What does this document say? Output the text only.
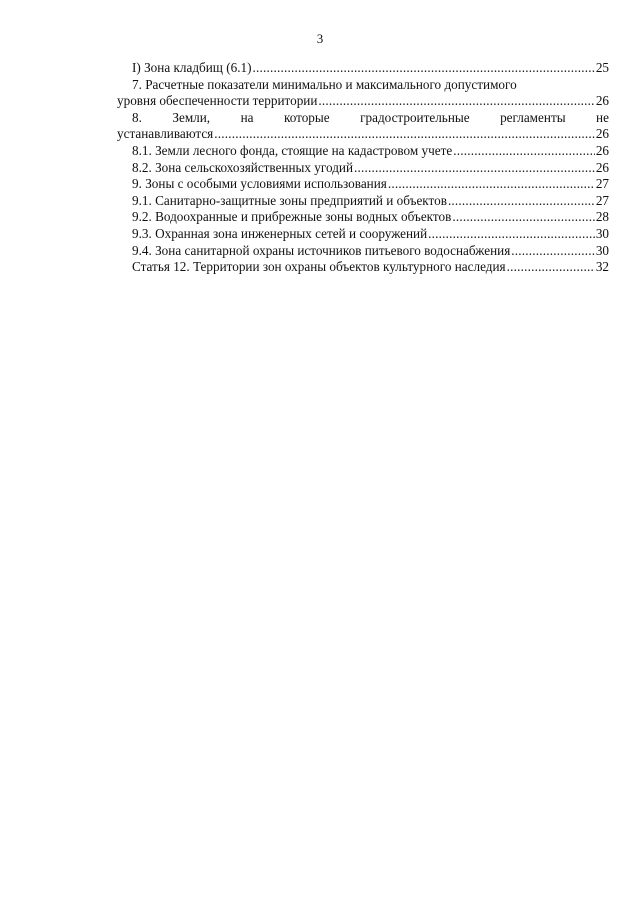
3
І) Зона кладбищ (6.1) .....	25
7. Расчетные показатели минимально и максимального допустимого
уровня обеспеченности территории .....	26
8. Земли, на которые градостроительные регламенты не
устанавливаются .....	26
8.1. Земли лесного фонда, стоящие на кадастровом учете .....	26
8.2. Зона сельскохозяйственных угодий .....	26
9. Зоны с особыми условиями использования .....	27
9.1. Санитарно-защитные зоны предприятий и объектов .....	27
9.2. Водоохранные и прибрежные зоны водных объектов .....	28
9.3. Охранная зона инженерных сетей и сооружений .....	30
9.4. Зона санитарной охраны источников питьевого водоснабжения .....	30
Статья 12. Территории зон охраны объектов культурного наследия .....	32
